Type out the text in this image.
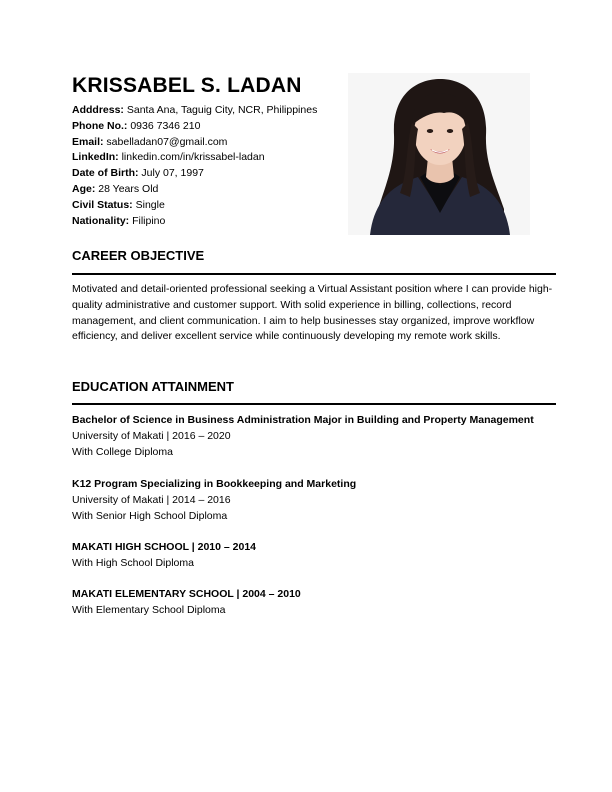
KRISSABEL S. LADAN
Adddress: Santa Ana, Taguig City, NCR, Philippines
Phone No.: 0936 7346 210
Email: sabelladan07@gmail.com
LinkedIn: linkedin.com/in/krissabel-ladan
Date of Birth: July 07, 1997
Age: 28 Years Old
Civil Status: Single
Nationality: Filipino
CAREER OBJECTIVE

Motivated and detail-oriented professional seeking a Virtual Assistant position where I can provide high-quality administrative and customer support. With solid experience in billing, collections, record management, and client communication. I aim to help businesses stay organized, improve workflow efficiency, and deliver excellent service while continuously developing my remote work skills.

EDUCATION ATTAINMENT
Bachelor of Science in Business Administration Major in Building and Property Management
University of Makati | 2016 – 2020
With College Diploma
K12 Program Specializing in Bookkeeping and Marketing
University of Makati | 2014 – 2016
With Senior High School Diploma
MAKATI HIGH SCHOOL | 2010 – 2014
With High School Diploma
MAKATI ELEMENTARY SCHOOL | 2004 – 2010
With Elementary School Diploma
